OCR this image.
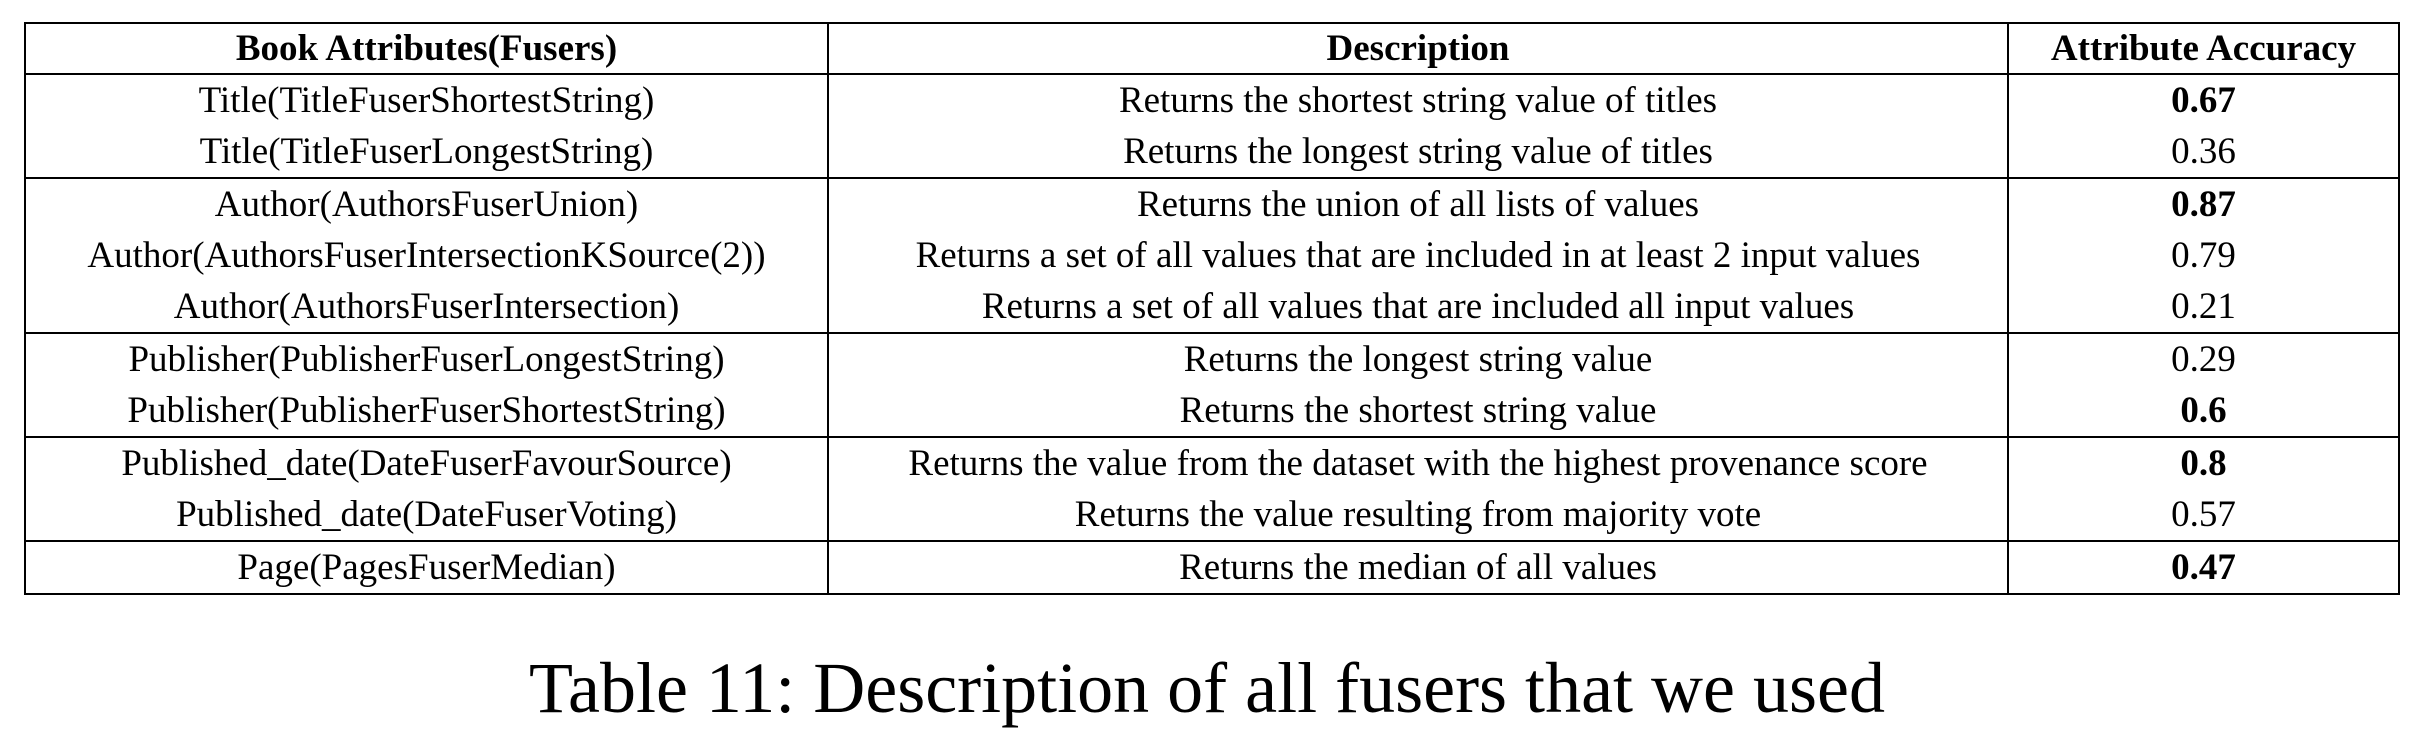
Book Attributes(Fusers)	Description	Attribute Accuracy
Title(TitleFuserShortestString)	Returns the shortest string value of titles	0.67
Title(TitleFuserLongestString)	Returns the longest string value of titles	0.36
Author(AuthorsFuserUnion)	Returns the union of all lists of values	0.87
Author(AuthorsFuserIntersectionKSource(2))	Returns a set of all values that are included in at least 2 input values	0.79
Author(AuthorsFuserIntersection)	Returns a set of all values that are included all input values	0.21
Publisher(PublisherFuserLongestString)	Returns the longest string value	0.29
Publisher(PublisherFuserShortestString)	Returns the shortest string value	0.6
Published_date(DateFuserFavourSource)	Returns the value from the dataset with the highest provenance score	0.8
Published_date(DateFuserVoting)	Returns the value resulting from majority vote	0.57
Page(PagesFuserMedian)	Returns the median of all values	0.47
Table 11: Description of all fusers that we used
